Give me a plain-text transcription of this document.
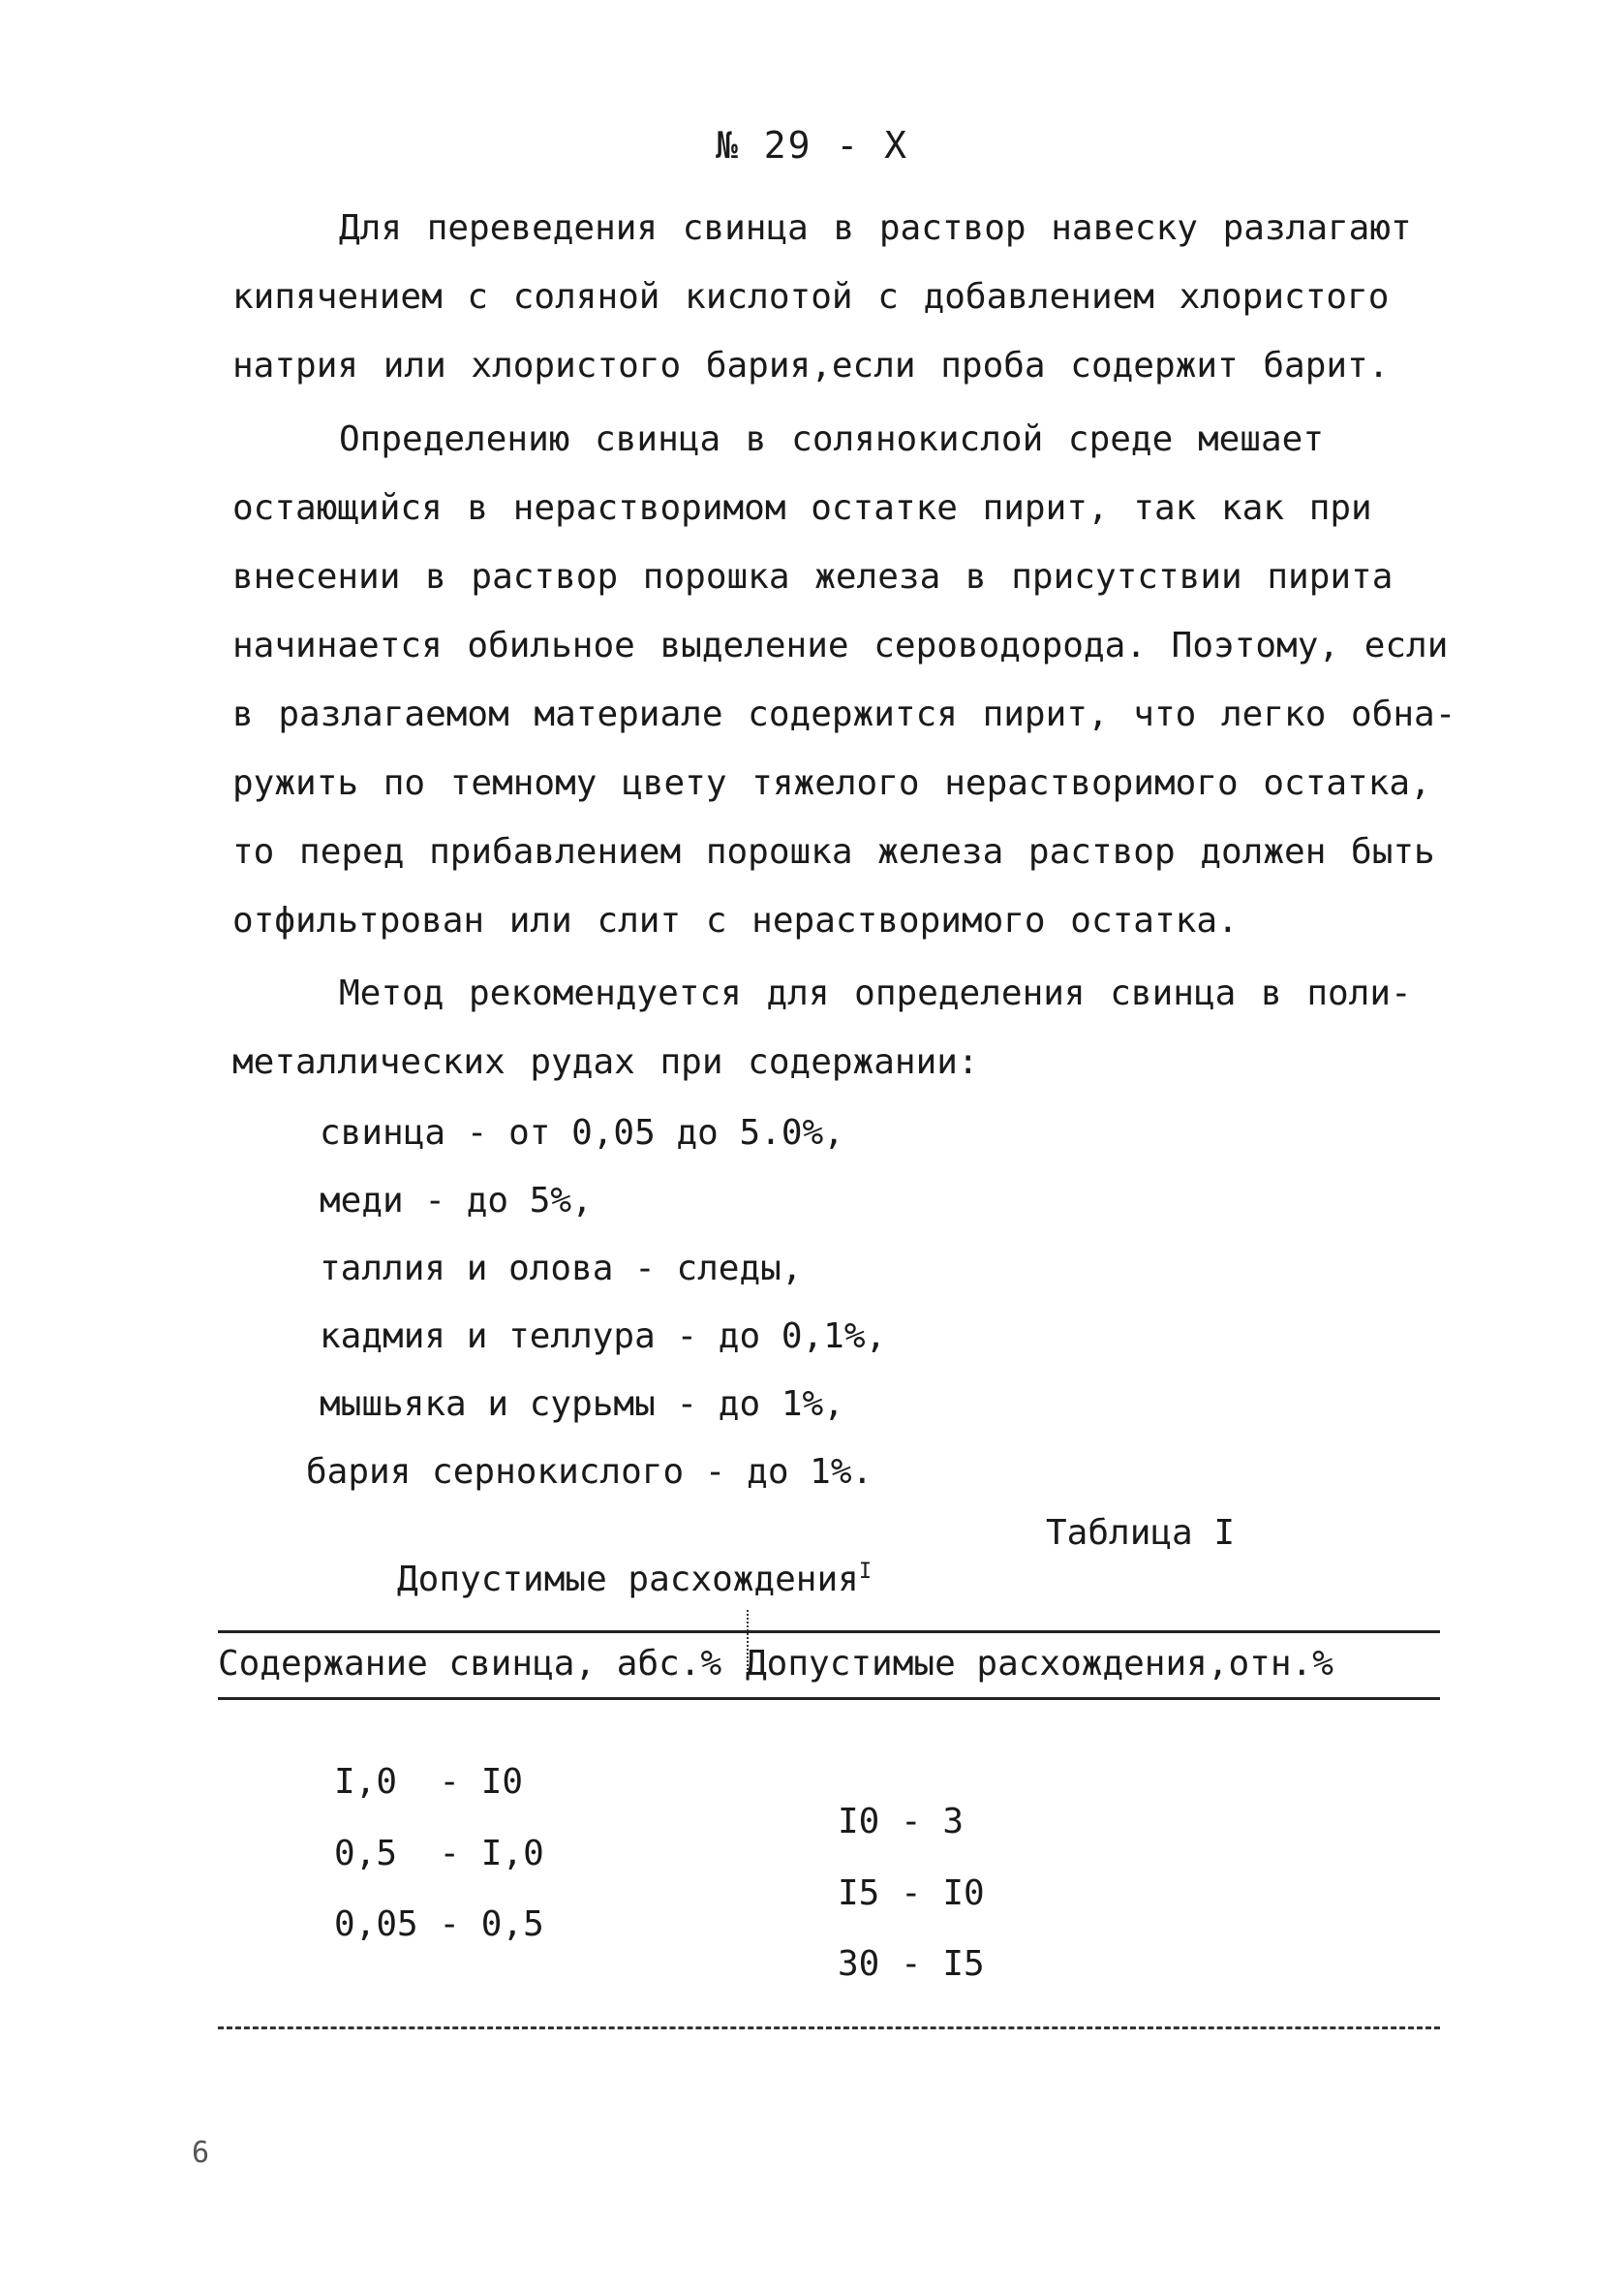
№ 29 - X
Для переведения свинца в раствор навеску разлагают
кипячением с соляной кислотой с добавлением хлористого
натрия или хлористого бария,если проба содержит барит.
Определению свинца в солянокислой среде мешает
остающийся в нерастворимом остатке пирит, так как при
внесении в раствор порошка железа в присутствии пирита
начинается обильное выделение сероводорода. Поэтому, если
в разлагаемом материале содержится пирит, что легко обна-
ружить по темному цвету тяжелого нерастворимого остатка,
то перед прибавлением порошка железа раствор должен быть
отфильтрован или слит с нерастворимого остатка.
Метод рекомендуется для определения свинца в поли-
металлических рудах при содержании:
свинца - от 0,05 до 5.0%,
меди - до 5%,
таллия и олова - следы,
кадмия и теллура - до 0,1%,
мышьяка и сурьмы - до 1%,
бария сернокислого - до 1%.
Таблица I
Допустимые расхождения$^I$
Содержание свинца, абс.% Допустимые расхождения,отн.%

I,0  - I0

I0 - 3

0,5  - I,0

I5 - I0

0,05 - 0,5

30 - I5

6
